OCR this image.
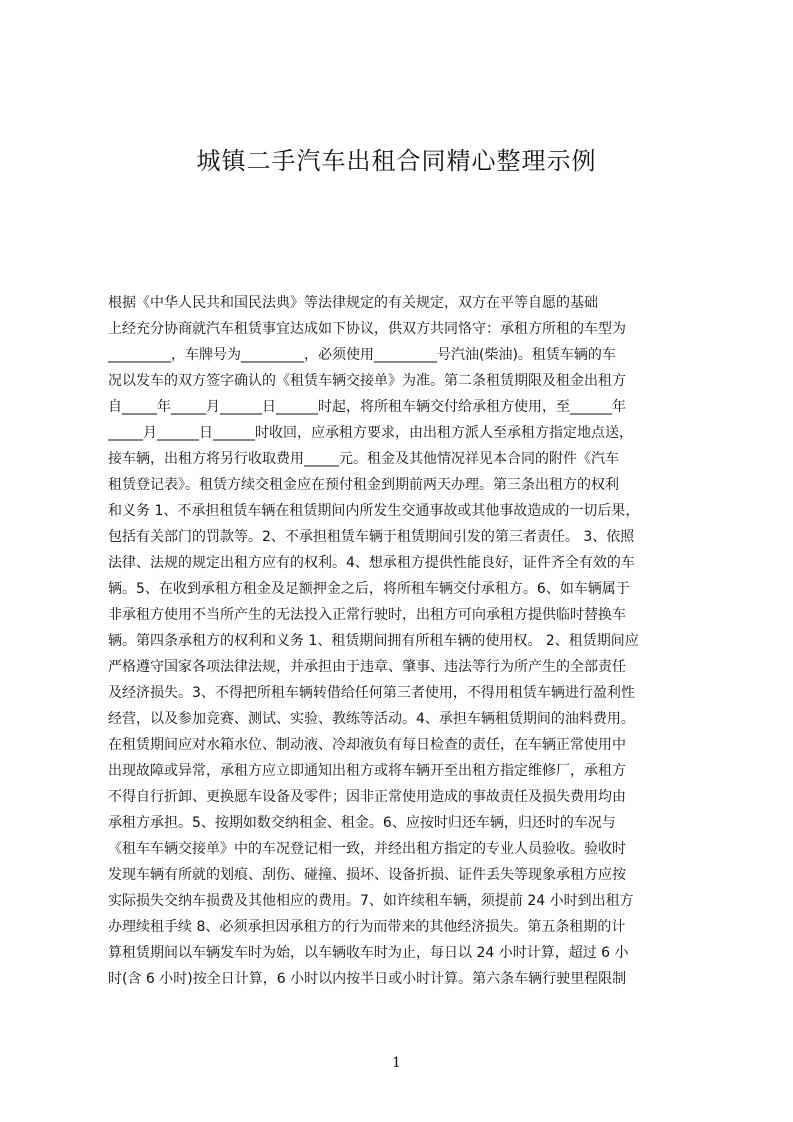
城镇二手汽车出租合同精心整理示例
根据《中华人民共和国民法典》等法律规定的有关规定，双方在平等自愿的基础
上经充分协商就汽车租赁事宜达成如下协议，供双方共同恪守：承租方所租的车型为
_________，车牌号为_________，必须使用_________号汽油(柴油)。租赁车辆的车
况以发车的双方签字确认的《租赁车辆交接单》为准。第二条租赁期限及租金出租方
自_____年_____月______日______时起，将所租车辆交付给承租方使用，至______年
_____月______日______时收回，应承租方要求，由出租方派人至承租方指定地点送，
接车辆，出租方将另行收取费用_____元。租金及其他情况祥见本合同的附件《汽车
租赁登记表》。租赁方续交租金应在预付租金到期前两天办理。第三条出租方的权利
和义务 1、不承担租赁车辆在租赁期间内所发生交通事故或其他事故造成的一切后果，
包括有关部门的罚款等。2、不承担租赁车辆于租赁期间引发的第三者责任。 3、依照
法律、法规的规定出租方应有的权利。4、想承租方提供性能良好，证件齐全有效的车
辆。5、在收到承租方租金及足额押金之后，将所租车辆交付承租方。6、如车辆属于
非承租方使用不当所产生的无法投入正常行驶时，出租方可向承租方提供临时替换车
辆。第四条承租方的权利和义务 1、租赁期间拥有所租车辆的使用权。 2、租赁期间应
严格遵守国家各项法律法规，并承担由于违章、肇事、违法等行为所产生的全部责任
及经济损失。3、不得把所租车辆转借给任何第三者使用，不得用租赁车辆进行盈利性
经营，以及参加竞赛、测试、实验、教练等活动。4、承担车辆租赁期间的油料费用。
在租赁期间应对水箱水位、制动液、冷却液负有每日检查的责任，在车辆正常使用中
出现故障或异常，承租方应立即通知出租方或将车辆开至出租方指定维修厂，承租方
不得自行折卸、更换愿车设备及零件；因非正常使用造成的事故责任及损失费用均由
承租方承担。5、按期如数交纳租金、租金。6、应按时归还车辆，归还时的车况与
《租车车辆交接单》中的车况登记相一致，并经出租方指定的专业人员验收。验收时
发现车辆有所就的划痕、刮伤、碰撞、损坏、设备折损、证件丢失等现象承租方应按
实际损失交纳车损费及其他相应的费用。7、如许续租车辆，须提前 24 小时到出租方
办理续租手续 8、必须承担因承租方的行为而带来的其他经济损失。第五条租期的计
算租赁期间以车辆发车时为始，以车辆收车时为止，每日以 24 小时计算，超过 6 小
时(含 6 小时)按全日计算，6 小时以内按半日或小时计算。第六条车辆行驶里程限制
1
